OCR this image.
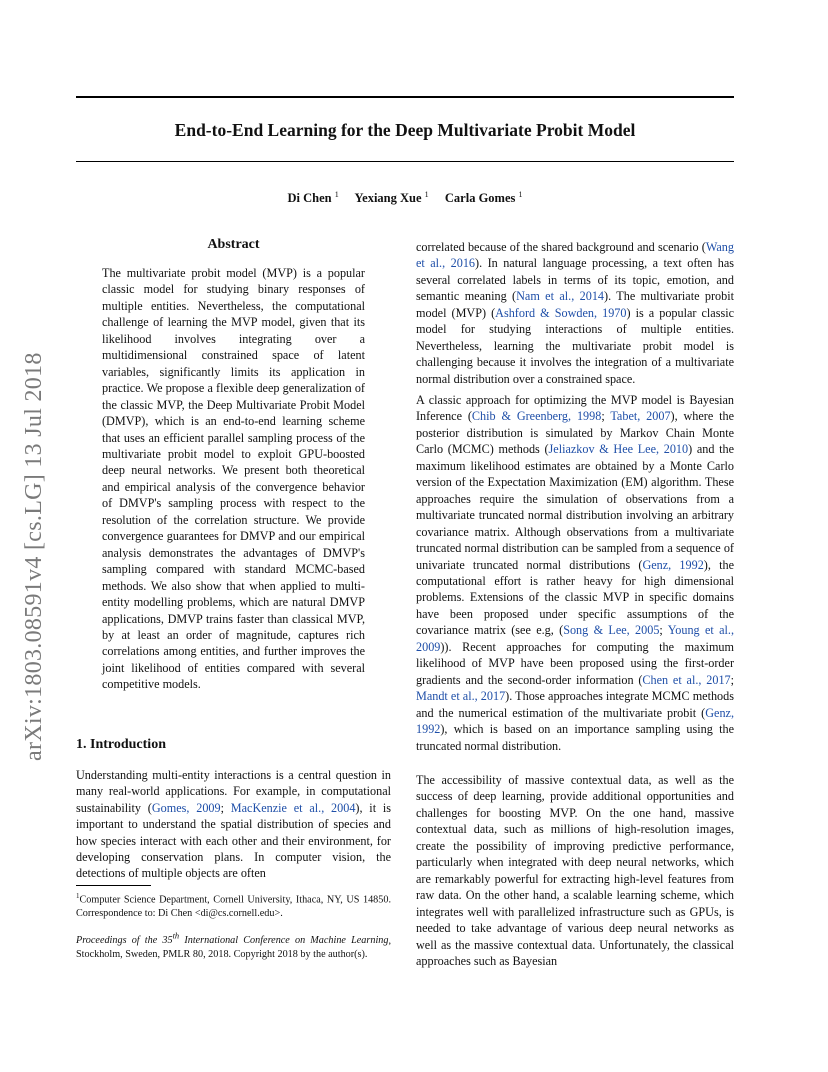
arXiv:1803.08591v4 [cs.LG] 13 Jul 2018
End-to-End Learning for the Deep Multivariate Probit Model
Di Chen $^1$ Yexiang Xue $^1$ Carla Gomes $^1$
Abstract
The multivariate probit model (MVP) is a popular classic model for studying binary responses of multiple entities. Nevertheless, the computational challenge of learning the MVP model, given that its likelihood involves integrating over a multidimensional constrained space of latent variables, significantly limits its application in practice. We propose a flexible deep generalization of the classic MVP, the Deep Multivariate Probit Model (DMVP), which is an end-to-end learning scheme that uses an efficient parallel sampling process of the multivariate probit model to exploit GPU-boosted deep neural networks. We present both theoretical and empirical analysis of the convergence behavior of DMVP's sampling process with respect to the resolution of the correlation structure. We provide convergence guarantees for DMVP and our empirical analysis demonstrates the advantages of DMVP's sampling compared with standard MCMC-based methods. We also show that when applied to multi-entity modelling problems, which are natural DMVP applications, DMVP trains faster than classical MVP, by at least an order of magnitude, captures rich correlations among entities, and further improves the joint likelihood of entities compared with several competitive models.
1. Introduction
Understanding multi-entity interactions is a central question in many real-world applications. For example, in computational sustainability (Gomes, 2009; MacKenzie et al., 2004), it is important to understand the spatial distribution of species and how species interact with each other and their environment, for developing conservation plans. In computer vision, the detections of multiple objects are often
$^1$Computer Science Department, Cornell University, Ithaca, NY, US 14850. Correspondence to: Di Chen <di@cs.cornell.edu>.
Proceedings of the 35th International Conference on Machine Learning, Stockholm, Sweden, PMLR 80, 2018. Copyright 2018 by the author(s).
correlated because of the shared background and scenario (Wang et al., 2016). In natural language processing, a text often has several correlated labels in terms of its topic, emotion, and semantic meaning (Nam et al., 2014). The multivariate probit model (MVP) (Ashford & Sowden, 1970) is a popular classic model for studying interactions of multiple entities. Nevertheless, learning the multivariate probit model is challenging because it involves the integration of a multivariate normal distribution over a constrained space.
A classic approach for optimizing the MVP model is Bayesian Inference (Chib & Greenberg, 1998; Tabet, 2007), where the posterior distribution is simulated by Markov Chain Monte Carlo (MCMC) methods (Jeliazkov & Hee Lee, 2010) and the maximum likelihood estimates are obtained by a Monte Carlo version of the Expectation Maximization (EM) algorithm. These approaches require the simulation of observations from a multivariate truncated normal distribution involving an arbitrary covariance matrix. Although observations from a multivariate truncated normal distribution can be sampled from a sequence of univariate truncated normal distributions (Genz, 1992), the computational effort is rather heavy for high dimensional problems. Extensions of the classic MVP in specific domains have been proposed under specific assumptions of the covariance matrix (see e.g, (Song & Lee, 2005; Young et al., 2009)). Recent approaches for computing the maximum likelihood of MVP have been proposed using the first-order gradients and the second-order information (Chen et al., 2017; Mandt et al., 2017). Those approaches integrate MCMC methods and the numerical estimation of the multivariate probit (Genz, 1992), which is based on an importance sampling using the truncated normal distribution.
The accessibility of massive contextual data, as well as the success of deep learning, provide additional opportunities and challenges for boosting MVP. On the one hand, massive contextual data, such as millions of high-resolution images, create the possibility of improving predictive performance, particularly when integrated with deep neural networks, which are remarkably powerful for extracting high-level features from raw data. On the other hand, a scalable learning scheme, which integrates well with parallelized infrastructure such as GPUs, is needed to take advantage of various deep neural networks as well as the massive contextual data. Unfortunately, the classical approaches such as Bayesian
